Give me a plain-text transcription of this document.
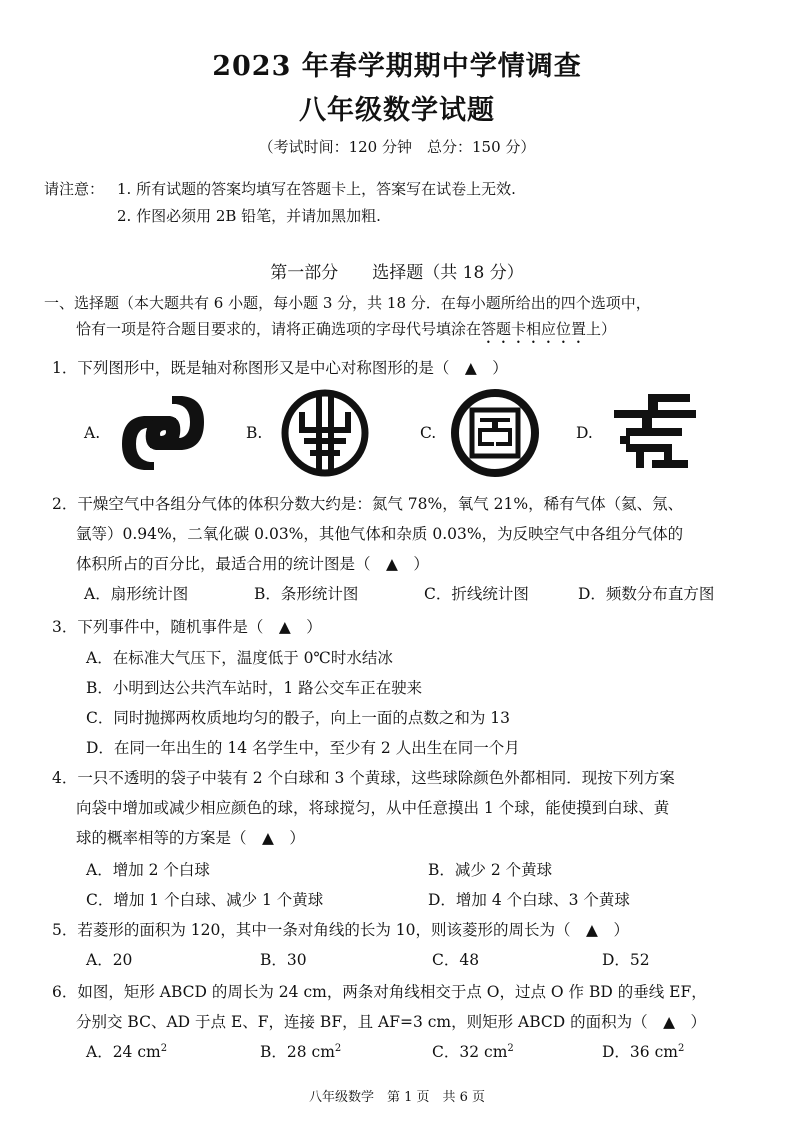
2023 年春学期期中学情调查
八年级数学试题
（考试时间：120 分钟　总分：150 分）
请注意： 1. 所有试题的答案均填写在答题卡上，答案写在试卷上无效.
2. 作图必须用 2B 铅笔，并请加黑加粗.
第一部分　　选择题（共 18 分）
一、选择题（本大题共有 6 小题，每小题 3 分，共 18 分．在每小题所给出的四个选项中，
恰有一项是符合题目要求的，请将正确选项的字母代号填涂在答题卡相应位置上）
1．下列图形中，既是轴对称图形又是中心对称图形的是（　▲　）
A.	B.	C.	D.
2．干燥空气中各组分气体的体积分数大约是：氮气 78%，氧气 21%，稀有气体（氦、氖、
氩等）0.94%，二氧化碳 0.03%，其他气体和杂质 0.03%，为反映空气中各组分气体的
体积所占的百分比，最适合用的统计图是（　▲　）
A．扇形统计图	B．条形统计图	C．折线统计图	D．频数分布直方图
3．下列事件中，随机事件是（　▲　）
A．在标准大气压下，温度低于 0℃时水结冰
B．小明到达公共汽车站时，1 路公交车正在驶来
C．同时抛掷两枚质地均匀的骰子，向上一面的点数之和为 13
D．在同一年出生的 14 名学生中，至少有 2 人出生在同一个月
4．一只不透明的袋子中装有 2 个白球和 3 个黄球，这些球除颜色外都相同．现按下列方案
向袋中增加或减少相应颜色的球，将球搅匀，从中任意摸出 1 个球，能使摸到白球、黄
球的概率相等的方案是（　▲　）
A．增加 2 个白球	B．减少 2 个黄球
C．增加 1 个白球、减少 1 个黄球	D．增加 4 个白球、3 个黄球
5．若菱形的面积为 120，其中一条对角线的长为 10，则该菱形的周长为（　▲　）
A．20	B．30	C．48	D．52
6．如图，矩形 ABCD 的周长为 24 cm，两条对角线相交于点 O，过点 O 作 BD 的垂线 EF，
分别交 BC、AD 于点 E、F，连接 BF，且 AF=3 cm，则矩形 ABCD 的面积为（　▲　）
A．24 $cm^2$	B．28 $cm^2$	C．32 $cm^2$	D．36 $cm^2$
八年级数学　第 1 页　共 6 页
